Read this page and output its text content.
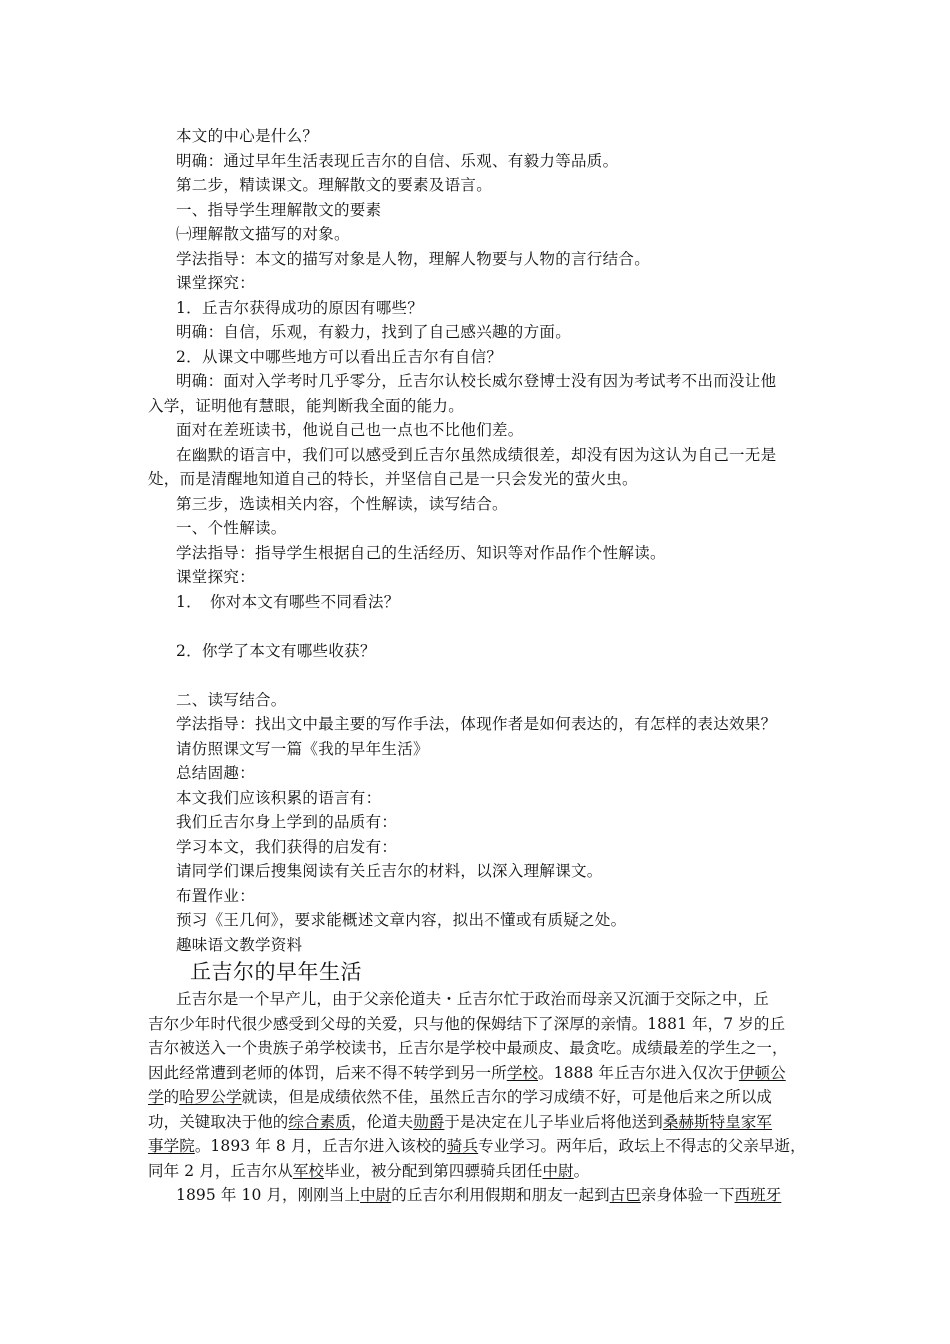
本文的中心是什么？
明确：通过早年生活表现丘吉尔的自信、乐观、有毅力等品质。
第二步，精读课文。理解散文的要素及语言。
一、指导学生理解散文的要素
㈠理解散文描写的对象。
学法指导：本文的描写对象是人物，理解人物要与人物的言行结合。
课堂探究：
1．丘吉尔获得成功的原因有哪些？
明确：自信，乐观，有毅力，找到了自己感兴趣的方面。
2．从课文中哪些地方可以看出丘吉尔有自信？
明确：面对入学考时几乎零分，丘吉尔认校长威尔登博士没有因为考试考不出而没让他
入学，证明他有慧眼，能判断我全面的能力。
面对在差班读书，他说自己也一点也不比他们差。
在幽默的语言中，我们可以感受到丘吉尔虽然成绩很差，却没有因为这认为自己一无是
处，而是清醒地知道自己的特长，并坚信自己是一只会发光的萤火虫。
第三步，选读相关内容，个性解读，读写结合。
一、个性解读。
学法指导：指导学生根据自己的生活经历、知识等对作品作个性解读。
课堂探究：
1．　你对本文有哪些不同看法？
2．你学了本文有哪些收获？
二、读写结合。
学法指导：找出文中最主要的写作手法，体现作者是如何表达的，有怎样的表达效果？
请仿照课文写一篇《我的早年生活》
总结固趣：
本文我们应该积累的语言有：
我们丘吉尔身上学到的品质有：
学习本文，我们获得的启发有：
请同学们课后搜集阅读有关丘吉尔的材料，以深入理解课文。
布置作业：
预习《王几何》，要求能概述文章内容，拟出不懂或有质疑之处。
趣味语文教学资料
丘吉尔的早年生活
丘吉尔是一个早产儿，由于父亲伦道夫・丘吉尔忙于政治而母亲又沉湎于交际之中，丘
吉尔少年时代很少感受到父母的关爱，只与他的保姆结下了深厚的亲情。1881 年，7 岁的丘
吉尔被送入一个贵族子弟学校读书，丘吉尔是学校中最顽皮、最贪吃。成绩最差的学生之一，
因此经常遭到老师的体罚，后来不得不转学到另一所学校。1888 年丘吉尔进入仅次于伊顿公
学的哈罗公学就读，但是成绩依然不佳，虽然丘吉尔的学习成绩不好，可是他后来之所以成
功，关键取决于他的综合素质，伦道夫勋爵于是决定在儿子毕业后将他送到桑赫斯特皇家军
事学院。1893 年 8 月，丘吉尔进入该校的骑兵专业学习。两年后，政坛上不得志的父亲早逝，
同年 2 月，丘吉尔从军校毕业，被分配到第四骠骑兵团任中尉。
1895 年 10 月，刚刚当上中尉的丘吉尔利用假期和朋友一起到古巴亲身体验一下西班牙
